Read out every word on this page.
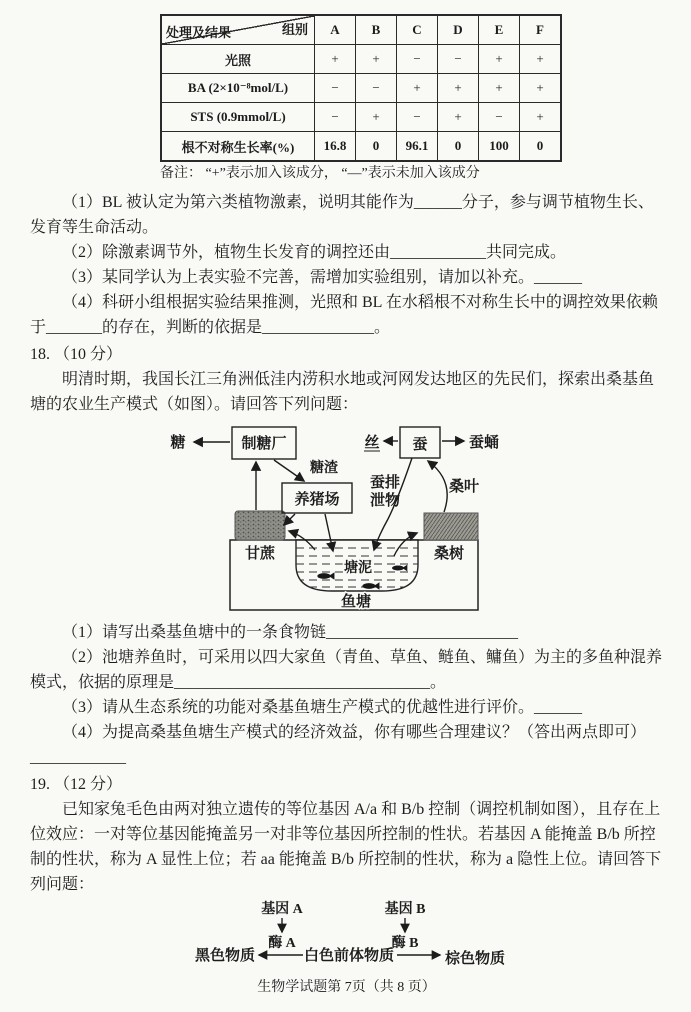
组别
处理及结果	A	B	C	D	E	F
光照	+	+	−	−	+	+
BA (2×10⁻⁸mol/L)	−	−	+	+	+	+
STS (0.9mmol/L)	−	+	−	+	−	+
根不对称生长率(%)	16.8	0	96.1	0	100	0

备注： “+”表示加入该成分， “—”表示未加入该成分

（1）BL 被认定为第六类植物激素，说明其能作为______分子，参与调节植物生长、发育等生命活动。

（2）除激素调节外，植物生长发育的调控还由____________共同完成。

（3）某同学认为上表实验不完善，需增加实验组别，请加以补充。______

（4）科研小组根据实验结果推测，光照和 BL 在水稻根不对称生长中的调控效果依赖于_______的存在，判断的依据是______________。

18. （10 分）

明清时期，我国长江三角洲低洼内涝积水地或河网发达地区的先民们，探索出桑基鱼塘的农业生产模式（如图）。请回答下列问题：

制糖厂
糖
糖渣
养猪场
蚕
丝	蚕蛹
蚕排
泄物
桑叶
甘蔗	桑树
塘泥
鱼塘

（1）请写出桑基鱼塘中的一条食物链________________________

（2）池塘养鱼时，可采用以四大家鱼（青鱼、草鱼、鲢鱼、鳙鱼）为主的多鱼种混养模式，依据的原理是________________________________。

（3）请从生态系统的功能对桑基鱼塘生产模式的优越性进行评价。______

（4）为提高桑基鱼塘生产模式的经济效益，你有哪些合理建议？（答出两点即可）____________

19. （12 分）

已知家兔毛色由两对独立遗传的等位基因 A/a 和 B/b 控制（调控机制如图），且存在上位效应：一对等位基因能掩盖另一对非等位基因所控制的性状。若基因 A 能掩盖 B/b 所控制的性状，称为 A 显性上位；若 aa 能掩盖 B/b 所控制的性状，称为 a 隐性上位。请回答下列问题：

基因 A
酶 A
基因 B
酶 B
黑色物质	白色前体物质	棕色物质

生物学试题第 7页（共 8 页）
